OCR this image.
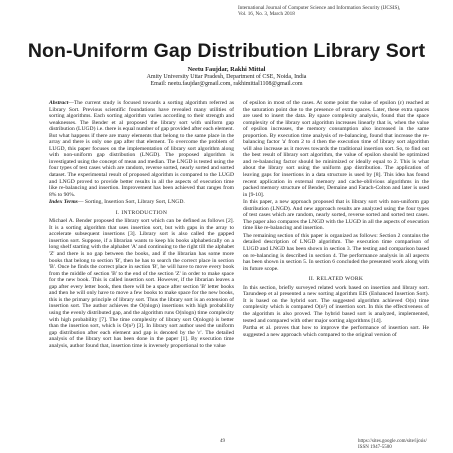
International Journal of Computer Science and Information Security (IJCSIS),
Vol. 16, No. 3, March 2018
Non-Uniform Gap Distribution Library Sort
Neetu Faujdar, Rakhi Mittal
Amity University Uttar Pradesh, Department of CSE, Noida, India
Email: neetu.faujdar@gmail.com, rakhimittal1108@gmail.com

Abstract—The current study is focused towards a sorting algorithm referred as Library Sort. Previous scientific foundations have revealed many utilities of sorting algorithms. Each sorting algorithm varies according to their strength and weaknesses. The Bender et al proposed the library sort with uniform gap distribution (LUGD) i.e. there is equal number of gap provided after each element. But what happens if there are many elements that belong to the same place in the array and there is only one gap after that element. To overcome the problem of LUGD, this paper focuses on the implementation of library sort algorithm along with non-uniform gap distribution (LNGD). The proposed algorithm is investigated using the concept of mean and median. The LNGD is tested using the four types of test cases which are random, reverse sorted, nearly sorted and sorted dataset. The experimental result of proposed algorithm is compared to the LUGD and LNGD proved to provide better results in all the aspects of execution time like re-balancing and insertion. Improvement has been achieved that ranges from 8% to 90%.

Index Terms— Sorting, Insertion Sort, Library Sort, LNGD.

I. INTRODUCTION

Michael A. Bender proposed the library sort which can be defined as follows [2]. It is a sorting algorithm that uses insertion sort, but with gaps in the array to accelerate subsequent insertions [3]. Library sort is also called the gapped insertion sort. Suppose, if a librarian wants to keep his books alphabetically on a long shelf starting with the alphabet 'A' and continuing to the right till the alphabet 'Z' and there is no gap between the books, and if the librarian has some more books that belong to section 'B', then he has to search the correct place in section 'B'. Once he finds the correct place in section 'B', he will have to move every book from the middle of section 'B' to the end of the section 'Z' in order to make space for the new book. This is called insertion sort. However, if the librarian leaves a gap after every letter book, then there will be a space after section 'B' letter books and then he will only have to move a few books to make space for the new books, this is the primary principle of library sort. Thus the library sort is an extension of insertion sort. The author achieves the O(nlogn) insertions with high probability using the evenly distributed gap, and the algorithm runs O(nlogn) time complexity with high probability [7]. The time complexity of library sort O(nlogn) is better than the insertion sort, which is O(n²) [3]. In library sort author used the uniform gap distribution after each element and gap is denoted by the 'ε'. The detailed analysis of the library sort has been done in the paper [1]. By execution time analysis, author found that, insertion time is inversely proportional to the value

of epsilon in most of the cases. At some point the value of epsilon (ε) reached at the saturation point due to the presence of extra spaces. Later, these extra spaces are used to insert the data. By space complexity analysis, found that the space complexity of the library sort algorithm increases linearly that is, when the value of epsilon increases, the memory consumption also increased in the same proportion. By execution time analysis of re-balancing, found that increase the re-balancing factor 'a' from 2 to 4 then the execution time of library sort algorithm will also increase as it moves towards the traditional insertion sort. So, to find out the best result of library sort algorithm, the value of epsilon should be optimized and re-balancing factor should be minimized or ideally equal to 2. This is what about the library sort using the uniform gap distribution. The application of leaving gaps for insertions in a data structure is used by [8]. This idea has found recent application in external memory and cache-oblivious algorithms in the packed memory structure of Bender, Demaine and Farach-Colton and later is used in [9-10].

In this paper, a new approach proposed that is library sort with non-uniform gap distribution (LNGD). And new approach results are analyzed using the four types of test cases which are random, nearly sorted, reverse sorted and sorted test cases. The paper also compares the LNGD with the LUGD in all the aspects of execution time like re-balancing and insertion.

The remaining section of this paper is organized as follows: Section 2 contains the detailed description of LNGD algorithm. The execution time comparison of LUGD and LNGD has been shown in section 3. The testing and comparison based on re-balancing is described in section 4. The performance analysis in all aspects has been shown in section 5. In section 6 concluded the presented work along with its future scope.

II. RELATED WORK

In this section, briefly surveyed related work based on insertion and library sort. Tarundeep et al presented a new sorting algorithm EIS (Enhanced Insertion Sort). It is based on the hybrid sort. The suggested algorithm achieved O(n) time complexity which is compared O(n²) of insertion sort. In this the effectiveness of the algorithm is also proved. The hybrid based sort is analyzed, implemented, tested and compared with other major sorting algorithms [14].

Partha et al. proves that how to improve the performance of insertion sort. He suggested a new approach which compared to the original version of

49	https://sites.google.com/site/ijcsis/
ISSN 1947-5500
